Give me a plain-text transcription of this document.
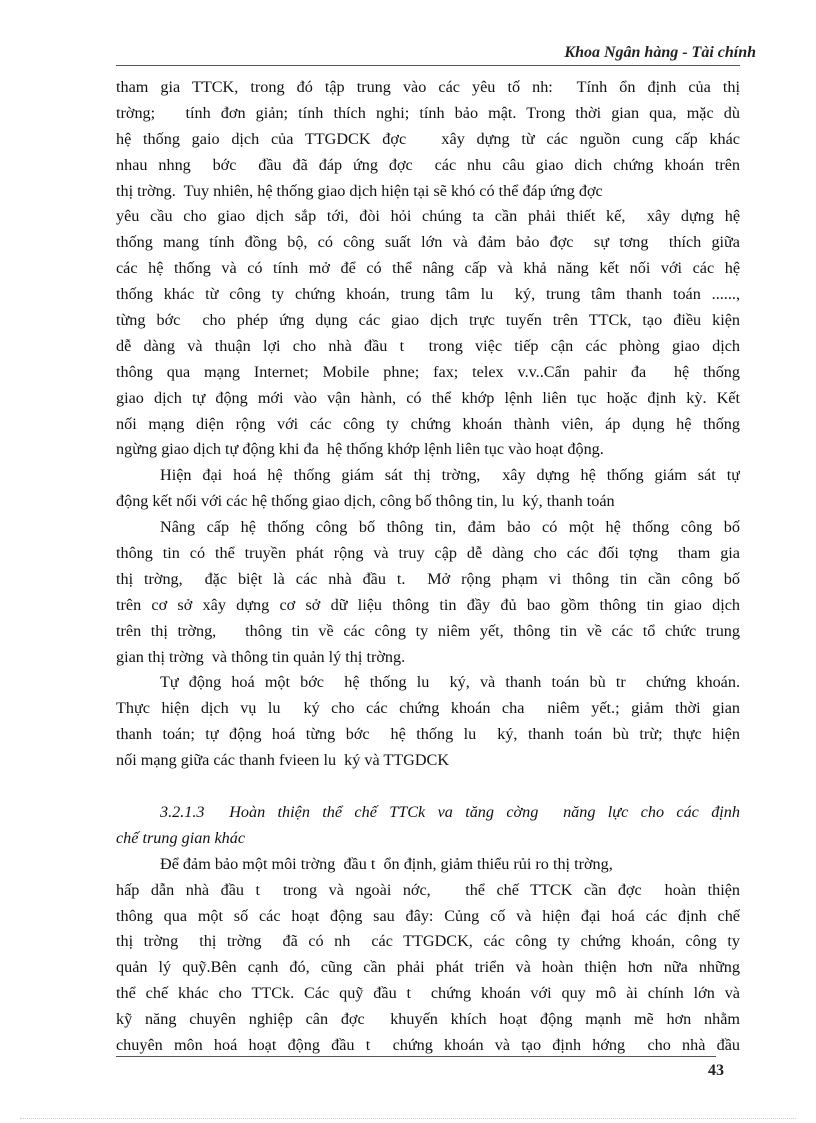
Khoa Ngân hàng - Tài chính
tham gia TTCK, trong đó tập trung vào các yêu tố nh:  Tính ổn định của thị
trờng;   tính đơn giản; tính thích nghi; tính bảo mật. Trong thời gian qua, mặc dù
hệ thống gaio dịch của TTGDCK đợc   xây dựng từ các nguồn cung cấp khác
nhau nhng  bớc  đầu đã đáp ứng đợc  các nhu câu giao dich chứng khoán trên
thị trờng.  Tuy nhiên, hệ thống giao dịch hiện tại sẽ khó có thể đáp ứng đợc
yêu cầu cho giao dịch sắp tới, đòi hỏi chúng ta cần phải thiết kế,  xây dựng hệ
thống mang tính đồng bộ, có công suất lớn và đảm bảo đợc  sự tơng  thích giữa
các hệ thống và có tính mở để có thể nâng cấp và khả năng kết nối với các hệ
thống khác từ công ty chứng khoán, trung tâm lu  ký, trung tâm thanh toán ......,
từng bớc  cho phép ứng dụng các giao dịch trực tuyến trên TTCk, tạo điều kiện
dễ dàng và thuận lợi cho nhà đầu t  trong việc tiếp cận các phòng giao dịch
thông qua mạng Internet; Mobile phne; fax; telex v.v..Cẩn pahir đa  hệ thống
giao dịch tự động mới vào vận hành, có thể khớp lệnh liên tục hoặc định kỳ. Kết
nối mạng diện rộng với các công ty chứng khoán thành viên, áp dụng hệ thống
ngừng giao dịch tự động khi đa  hệ thống khớp lệnh liên tục vào hoạt động.
Hiện đại hoá hệ thống giám sát thị trờng,  xây dựng hệ thống giám sát tự
động kết nối với các hệ thống giao dịch, công bố thông tin, lu  ký, thanh toán
Nâng cấp hệ thống công bố thông tin, đảm bảo có một hệ thống công bố
thông tin có thể truyền phát rộng và truy cập dễ dàng cho các đối tợng  tham gia
thị trờng,  đặc biệt là các nhà đầu t.  Mở rộng phạm vi thông tin cần công bố
trên cơ sở xây dựng cơ sở dữ liệu thông tin đầy đủ bao gồm thông tin giao dịch
trên thị trờng,   thông tin về các công ty niêm yết, thông tin về các tổ chức trung
gian thị trờng  và thông tin quản lý thị trờng.
Tự động hoá một bớc  hệ thống lu  ký, và thanh toán bù tr  chứng khoán.
Thực hiện dịch vụ lu  ký cho các chứng khoán cha  niêm yết.; giảm thời gian
thanh toán; tự động hoá từng bớc  hệ thống lu  ký, thanh toán bù trừ; thực hiện
nối mạng giữa các thanh fvieen lu  ký và TTGDCK
3.2.1.3  Hoàn thiện thể chế TTCk va tăng cờng  năng lực cho các định
chế trung gian khác
Để đảm bảo một môi trờng  đầu t  ổn định, giảm thiểu rủi ro thị trờng,
hấp dẫn nhà đầu t  trong và ngoài nớc,   thể chế TTCK cần đợc  hoàn thiện
thông qua một số các hoạt động sau đây: Củng cố và hiện đại hoá các định chế
thị trờng  thị trờng  đã có nh  các TTGDCK, các công ty chứng khoán, công ty
quản lý quỹ.Bên cạnh đó, cũng cần phải phát triển và hoàn thiện hơn nữa những
thể chế khác cho TTCk. Các quỹ đầu t  chứng khoán với quy mô ài chính lớn và
kỹ năng chuyên nghiệp cân đợc  khuyến khích hoạt động mạnh mẽ hơn nhằm
chuyên môn hoá hoạt động đầu t  chứng khoán và tạo định hớng  cho nhà đầu
43
